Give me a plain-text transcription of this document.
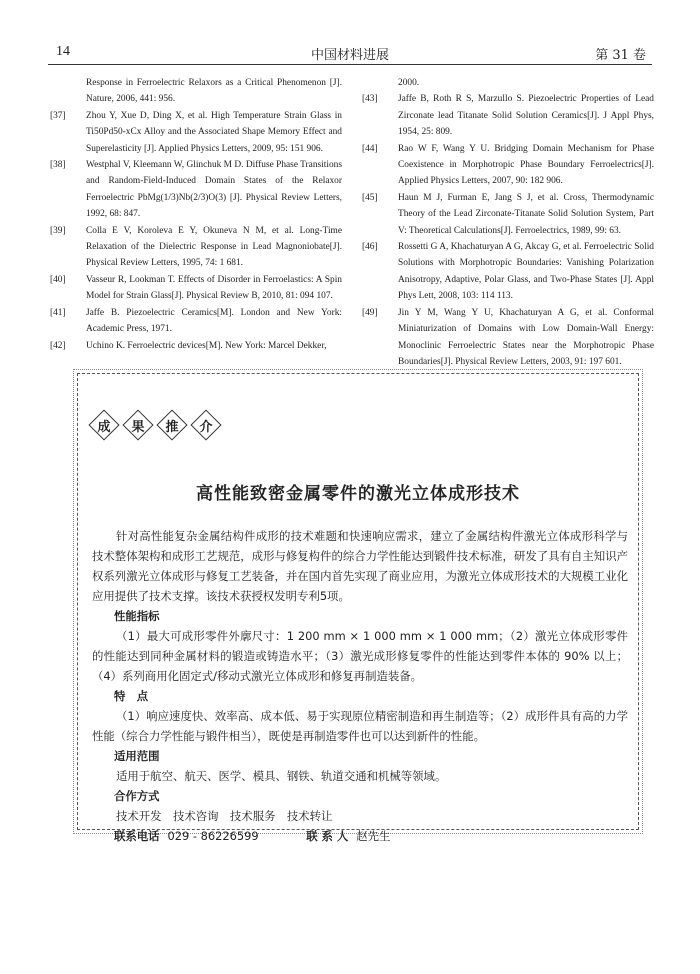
14	中国材料进展	第 31 卷
Response in Ferroelectric Relaxors as a Critical Phenomenon [J]. Nature, 2006, 441: 956.
[37] Zhou Y, Xue D, Ding X, et al. High Temperature Strain Glass in Ti50Pd50-xCx Alloy and the Associated Shape Memory Effect and Superelasticity [J]. Applied Physics Letters, 2009, 95: 151 906.
[38] Westphal V, Kleemann W, Glinchuk M D. Diffuse Phase Transitions and Random-Field-Induced Domain States of the Relaxor Ferroelectric PbMg(1/3)Nb(2/3)O(3) [J]. Physical Review Letters, 1992, 68: 847.
[39] Colla E V, Koroleva E Y, Okuneva N M, et al. Long-Time Relaxation of the Dielectric Response in Lead Magnoniobate[J]. Physical Review Letters, 1995, 74: 1 681.
[40] Vasseur R, Lookman T. Effects of Disorder in Ferroelastics: A Spin Model for Strain Glass[J]. Physical Review B, 2010, 81: 094 107.
[41] Jaffe B. Piezoelectric Ceramics[M]. London and New York: Academic Press, 1971.
[42] Uchino K. Ferroelectric devices[M]. New York: Marcel Dekker,
2000.
[43] Jaffe B, Roth R S, Marzullo S. Piezoelectric Properties of Lead Zirconate lead Titanate Solid Solution Ceramics[J]. J Appl Phys, 1954, 25: 809.
[44] Rao W F, Wang Y U. Bridging Domain Mechanism for Phase Coexistence in Morphotropic Phase Boundary Ferroelectrics[J]. Applied Physics Letters, 2007, 90: 182 906.
[45] Haun M J, Furman E, Jang S J, et al. Cross, Thermodynamic Theory of the Lead Zirconate-Titanate Solid Solution System, Part V: Theoretical Calculations[J]. Ferroelectrics, 1989, 99: 63.
[46] Rossetti G A, Khachaturyan A G, Akcay G, et al. Ferroelectric Solid Solutions with Morphotropic Boundaries: Vanishing Polarization Anisotropy, Adaptive, Polar Glass, and Two-Phase States [J]. Appl Phys Lett, 2008, 103: 114 113.
[49] Jin Y M, Wang Y U, Khachaturyan A G, et al. Conformal Miniaturization of Domains with Low Domain-Wall Energy: Monoclinic Ferroelectric States near the Morphotropic Phase Boundaries[J]. Physical Review Letters, 2003, 91: 197 601.
成	果	推	介
高性能致密金属零件的激光立体成形技术

针对高性能复杂金属结构件成形的技术难题和快速响应需求，建立了金属结构件激光立体成形科学与技术整体架构和成形工艺规范，成形与修复构件的综合力学性能达到锻件技术标准，研发了具有自主知识产权系列激光立体成形与修复工艺装备，并在国内首先实现了商业应用，为激光立体成形技术的大规模工业化应用提供了技术支撑。该技术获授权发明专利5项。

性能指标

（1）最大可成形零件外廓尺寸：1 200 mm × 1 000 mm × 1 000 mm；（2）激光立体成形零件的性能达到同种金属材料的锻造或铸造水平；（3）激光成形修复零件的性能达到零件本体的 90% 以上；（4）系列商用化固定式/移动式激光立体成形和修复再制造装备。

特　点

（1）响应速度快、效率高、成本低、易于实现原位精密制造和再生制造等；（2）成形件具有高的力学性能（综合力学性能与锻件相当），既使是再制造零件也可以达到新件的性能。

适用范围

适用于航空、航天、医学、模具、钢铁、轨道交通和机械等领域。

合作方式

技术开发　技术咨询　技术服务　技术转让

联系电话 029 - 86226599	联 系 人 赵先生
